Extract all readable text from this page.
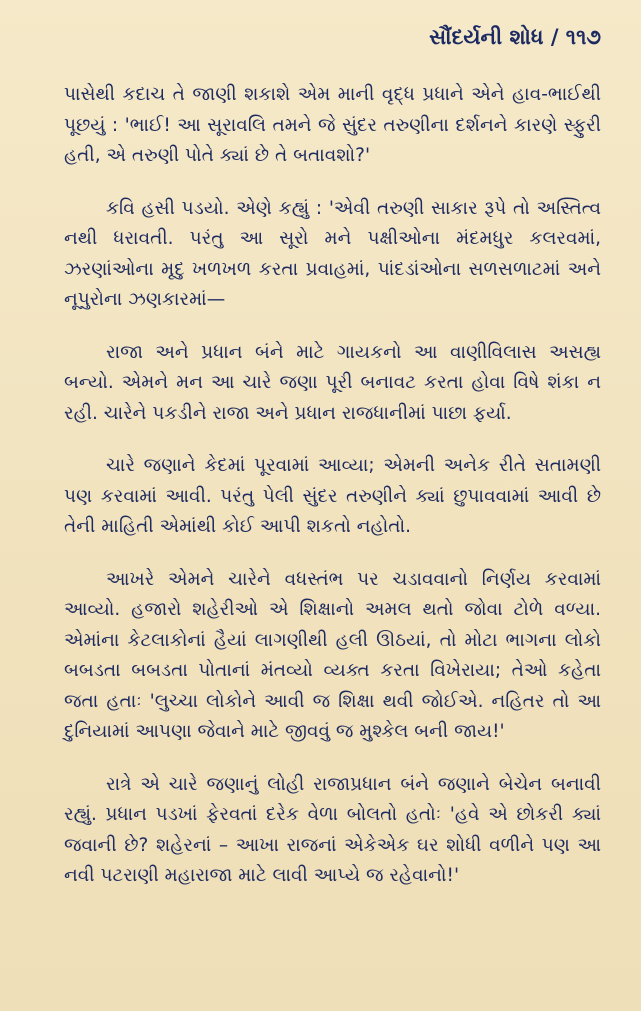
સૌંદર્યની શોધ / ૧૧૭

પાસેથી કદાચ તે જાણી શકાશે એમ માની વૃદ્ધ પ્રધાને એને હાવ-ભાઈથી પૂછયું : 'ભાઈ! આ સૂરાવલિ તમને જે સુંદર તરુણીના દર્શનને કારણે સ્ફુરી હતી, એ તરુણી પોતે ક્યાં છે તે બતાવશો?'

કવિ હસી પડયો. એણે કહ્યું : 'એવી તરુણી સાકાર રૂપે તો અસ્તિત્વ નથી ધરાવતી. પરંતુ આ સૂરો મને પક્ષીઓના મંદમધુર કલરવમાં, ઝરણાંઓના મૃદુ ખળખળ કરતા પ્રવાહમાં, પાંદડાંઓના સળસળાટમાં અને નૂપુરોના ઝણકારમાં—

રાજા અને પ્રધાન બંને માટે ગાયકનો આ વાણીવિલાસ અસહ્ય બન્યો. એમને મન આ ચારે જણા પૂરી બનાવટ કરતા હોવા વિષે શંકા ન રહી. ચારેને પકડીને રાજા અને પ્રધાન રાજધાનીમાં પાછા ફર્યા.

ચારે જણાને કેદમાં પૂરવામાં આવ્યા; એમની અનેક રીતે સતામણી પણ કરવામાં આવી. પરંતુ પેલી સુંદર તરુણીને ક્યાં છુપાવવામાં આવી છે તેની માહિતી એમાંથી કોઈ આપી શકતો નહોતો.

આખરે એમને ચારેને વધસ્તંભ પર ચડાવવાનો નિર્ણય કરવામાં આવ્યો. હજારો શહેરીઓ એ શિક્ષાનો અમલ થતો જોવા ટોળે વળ્યા. એમાંના કેટલાકોનાં હૈયાં લાગણીથી હલી ઊઠયાં, તો મોટા ભાગના લોકો બબડતા બબડતા પોતાનાં મંતવ્યો વ્યક્ત કરતા વિખેરાયા; તેઓ કહેતા જતા હતાઃ 'લુચ્ચા લોકોને આવી જ શિક્ષા થવી જોઈએ. નહિતર તો આ દુનિયામાં આપણા જેવાને માટે જીવવું જ મુશ્કેલ બની જાય!'

રાત્રે એ ચારે જણાનું લોહી રાજાપ્રધાન બંને જણાને બેચેન બનાવી રહ્યું. પ્રધાન પડખાં ફેરવતાં દરેક વેળા બોલતો હતોઃ 'હવે એ છોકરી ક્યાં જવાની છે? શહેરનાં – આખા રાજનાં એકેએક ઘર શોધી વળીને પણ આ નવી પટરાણી મહારાજા માટે લાવી આપ્યે જ રહેવાનો!'
